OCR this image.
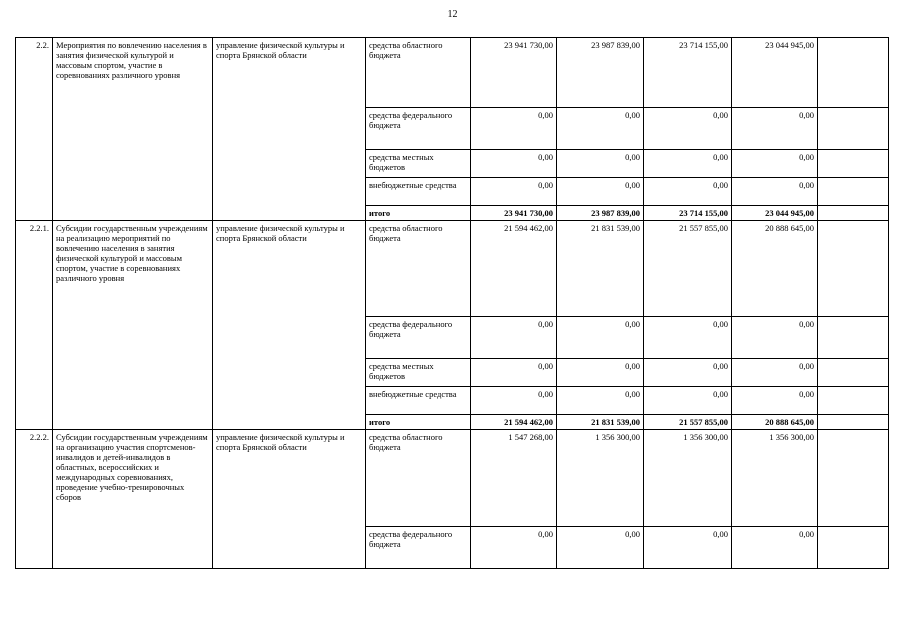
12
2.2.	Мероприятия по вовлечению населения в занятия физической культурой и массовым спортом, участие в соревнованиях различного уровня	управление физической культуры и спорта Брянской области	средства областного бюджета	23 941 730,00	23 987 839,00	23 714 155,00	23 044 945,00	
			средства федерального бюджета	0,00	0,00	0,00	0,00	
			средства местных бюджетов	0,00	0,00	0,00	0,00	
			внебюджетные средства	0,00	0,00	0,00	0,00	
			итого	23 941 730,00	23 987 839,00	23 714 155,00	23 044 945,00	
2.2.1.	Субсидии государственным учреждениям на реализацию мероприятий по вовлечению населения в занятия физической культурой и массовым спортом, участие в соревнованиях различного уровня	управление физической культуры и спорта Брянской области	средства областного бюджета	21 594 462,00	21 831 539,00	21 557 855,00	20 888 645,00	
			средства федерального бюджета	0,00	0,00	0,00	0,00	
			средства местных бюджетов	0,00	0,00	0,00	0,00	
			внебюджетные средства	0,00	0,00	0,00	0,00	
			итого	21 594 462,00	21 831 539,00	21 557 855,00	20 888 645,00	
2.2.2.	Субсидии государственным учреждениям на организацию участия спортсменов-инвалидов и детей-инвалидов в областных, всероссийских и международных соревнованиях, проведение учебно-тренировочных сборов	управление физической культуры и спорта Брянской области	средства областного бюджета	1 547 268,00	1 356 300,00	1 356 300,00	1 356 300,00	
			средства федерального бюджета	0,00	0,00	0,00	0,00	
